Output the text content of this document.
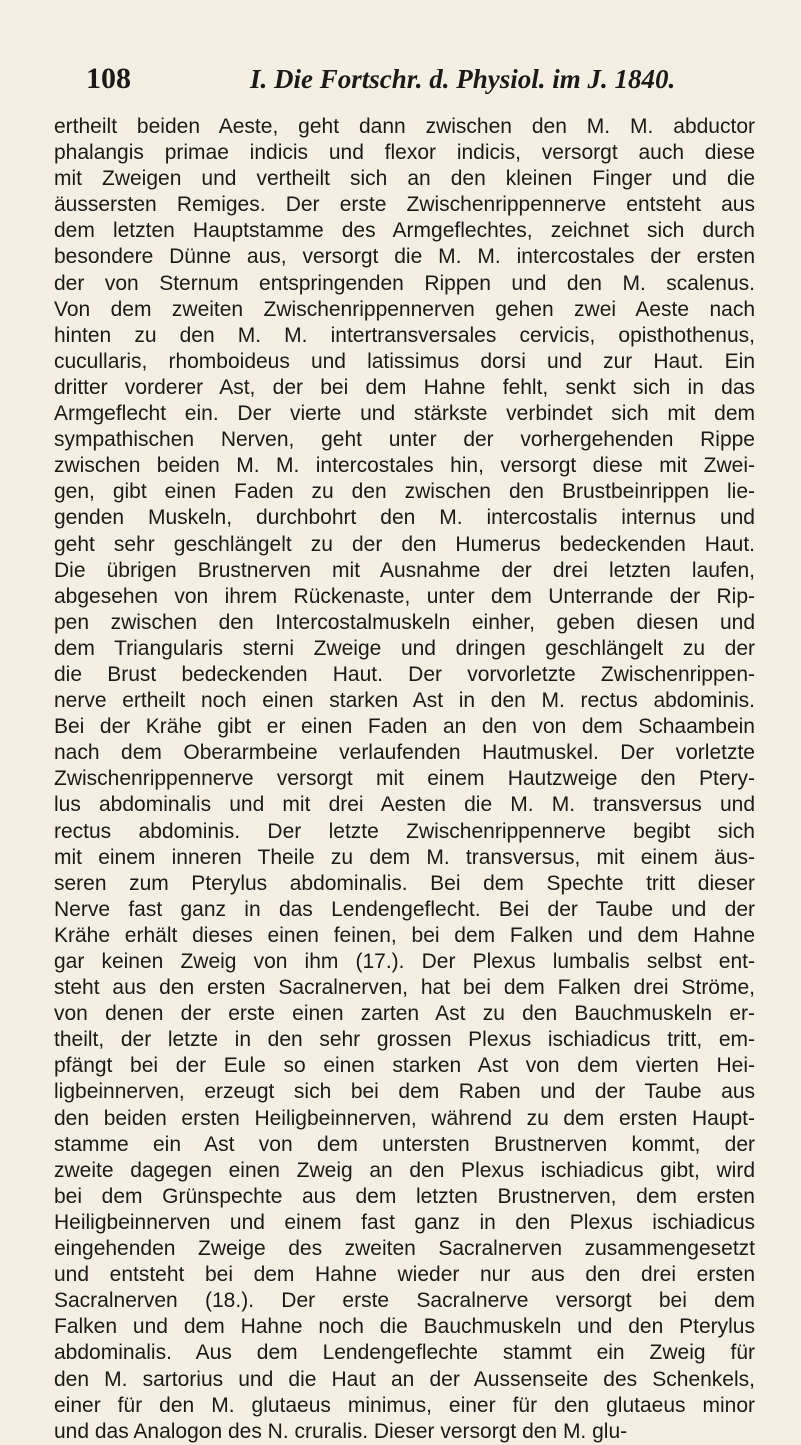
108	I. Die Fortschr. d. Physiol. im J. 1840.
ertheilt beiden Aeste, geht dann zwischen den M. M. abductor
phalangis primae indicis und flexor indicis, versorgt auch diese
mit Zweigen und vertheilt sich an den kleinen Finger und die
äussersten Remiges. Der erste Zwischenrippennerve entsteht aus
dem letzten Hauptstamme des Armgeflechtes, zeichnet sich durch
besondere Dünne aus, versorgt die M. M. intercostales der ersten
der von Sternum entspringenden Rippen und den M. scalenus.
Von dem zweiten Zwischenrippennerven gehen zwei Aeste nach
hinten zu den M. M. intertransversales cervicis, opisthothenus,
cucullaris, rhomboideus und latissimus dorsi und zur Haut. Ein
dritter vorderer Ast, der bei dem Hahne fehlt, senkt sich in das
Armgeflecht ein. Der vierte und stärkste verbindet sich mit dem
sympathischen Nerven, geht unter der vorhergehenden Rippe
zwischen beiden M. M. intercostales hin, versorgt diese mit Zwei-
gen, gibt einen Faden zu den zwischen den Brustbeinrippen lie-
genden Muskeln, durchbohrt den M. intercostalis internus und
geht sehr geschlängelt zu der den Humerus bedeckenden Haut.
Die übrigen Brustnerven mit Ausnahme der drei letzten laufen,
abgesehen von ihrem Rückenaste, unter dem Unterrande der Rip-
pen zwischen den Intercostalmuskeln einher, geben diesen und
dem Triangularis sterni Zweige und dringen geschlängelt zu der
die Brust bedeckenden Haut. Der vorvorletzte Zwischenrippen-
nerve ertheilt noch einen starken Ast in den M. rectus abdominis.
Bei der Krähe gibt er einen Faden an den von dem Schaambein
nach dem Oberarmbeine verlaufenden Hautmuskel. Der vorletzte
Zwischenrippennerve versorgt mit einem Hautzweige den Ptery-
lus abdominalis und mit drei Aesten die M. M. transversus und
rectus abdominis. Der letzte Zwischenrippennerve begibt sich
mit einem inneren Theile zu dem M. transversus, mit einem äus-
seren zum Pterylus abdominalis. Bei dem Spechte tritt dieser
Nerve fast ganz in das Lendengeflecht. Bei der Taube und der
Krähe erhält dieses einen feinen, bei dem Falken und dem Hahne
gar keinen Zweig von ihm (17.). Der Plexus lumbalis selbst ent-
steht aus den ersten Sacralnerven, hat bei dem Falken drei Ströme,
von denen der erste einen zarten Ast zu den Bauchmuskeln er-
theilt, der letzte in den sehr grossen Plexus ischiadicus tritt, em-
pfängt bei der Eule so einen starken Ast von dem vierten Hei-
ligbeinnerven, erzeugt sich bei dem Raben und der Taube aus
den beiden ersten Heiligbeinnerven, während zu dem ersten Haupt-
stamme ein Ast von dem untersten Brustnerven kommt, der
zweite dagegen einen Zweig an den Plexus ischiadicus gibt, wird
bei dem Grünspechte aus dem letzten Brustnerven, dem ersten
Heiligbeinnerven und einem fast ganz in den Plexus ischiadicus
eingehenden Zweige des zweiten Sacralnerven zusammengesetzt
und entsteht bei dem Hahne wieder nur aus den drei ersten
Sacralnerven (18.). Der erste Sacralnerve versorgt bei dem
Falken und dem Hahne noch die Bauchmuskeln und den Pterylus
abdominalis. Aus dem Lendengeflechte stammt ein Zweig für
den M. sartorius und die Haut an der Aussenseite des Schenkels,
einer für den M. glutaeus minimus, einer für den glutaeus minor
und das Analogon des N. cruralis. Dieser versorgt den M. glu-
